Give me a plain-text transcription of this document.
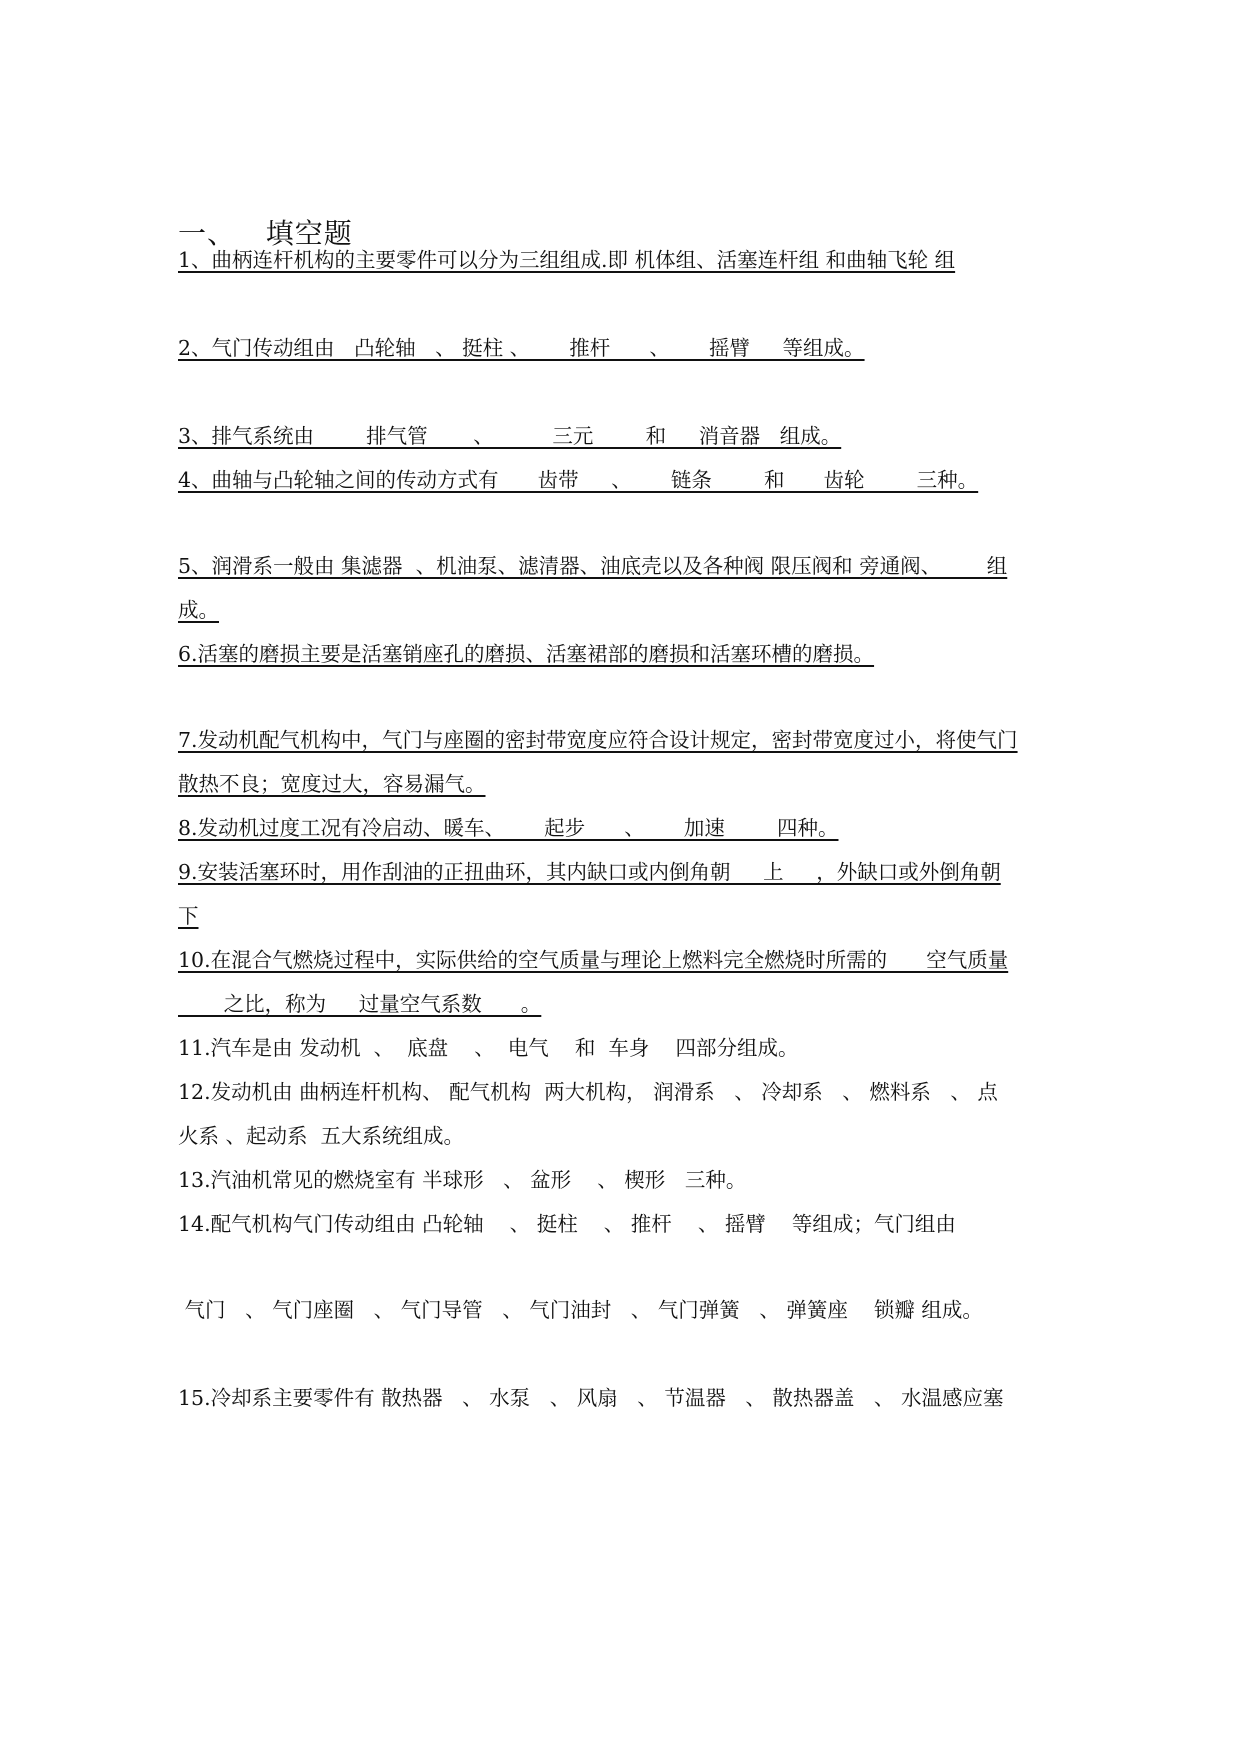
一、   填空题
1、曲柄连杆机构的主要零件可以分为三组组成.即 机体组、活塞连杆组 和曲轴飞轮 组
2、气门传动组由   凸轮轴   、 挺柱 、      推杆      、      摇臂     等组成。
3、排气系统由        排气管       、         三元        和     消音器   组成。
4、曲轴与凸轮轴之间的传动方式有      齿带     、      链条        和      齿轮        三种。
5、润滑系一般由 集滤器  、机油泵、滤清器、油底壳以及各种阀 限压阀和 旁通阀、       组
成。
6.活塞的磨损主要是活塞销座孔的磨损、活塞裙部的磨损和活塞环槽的磨损。
7.发动机配气机构中，气门与座圈的密封带宽度应符合设计规定，密封带宽度过小，将使气门
散热不良；宽度过大，容易漏气。
8.发动机过度工况有冷启动、暖车、      起步      、      加速        四种。
9.安装活塞环时，用作刮油的正扭曲环，其内缺口或内倒角朝     上     ，外缺口或外倒角朝
下
10.在混合气燃烧过程中，实际供给的空气质量与理论上燃料完全燃烧时所需的      空气质量
之比，称为     过量空气系数      。
11.汽车是由 发动机  、  底盘    、  电气    和  车身    四部分组成。
12.发动机由 曲柄连杆机构、 配气机构  两大机构， 润滑系   、 冷却系   、 燃料系   、 点
火系 、起动系  五大系统组成。
13.汽油机常见的燃烧室有 半球形   、 盆形    、 楔形   三种。
14.配气机构气门传动组由 凸轮轴    、 挺柱    、 推杆    、 摇臂    等组成；气门组由
气门   、 气门座圈   、 气门导管   、 气门油封   、 气门弹簧   、 弹簧座    锁瓣 组成。
15.冷却系主要零件有 散热器   、 水泵   、 风扇   、 节温器   、 散热器盖   、 水温感应塞
